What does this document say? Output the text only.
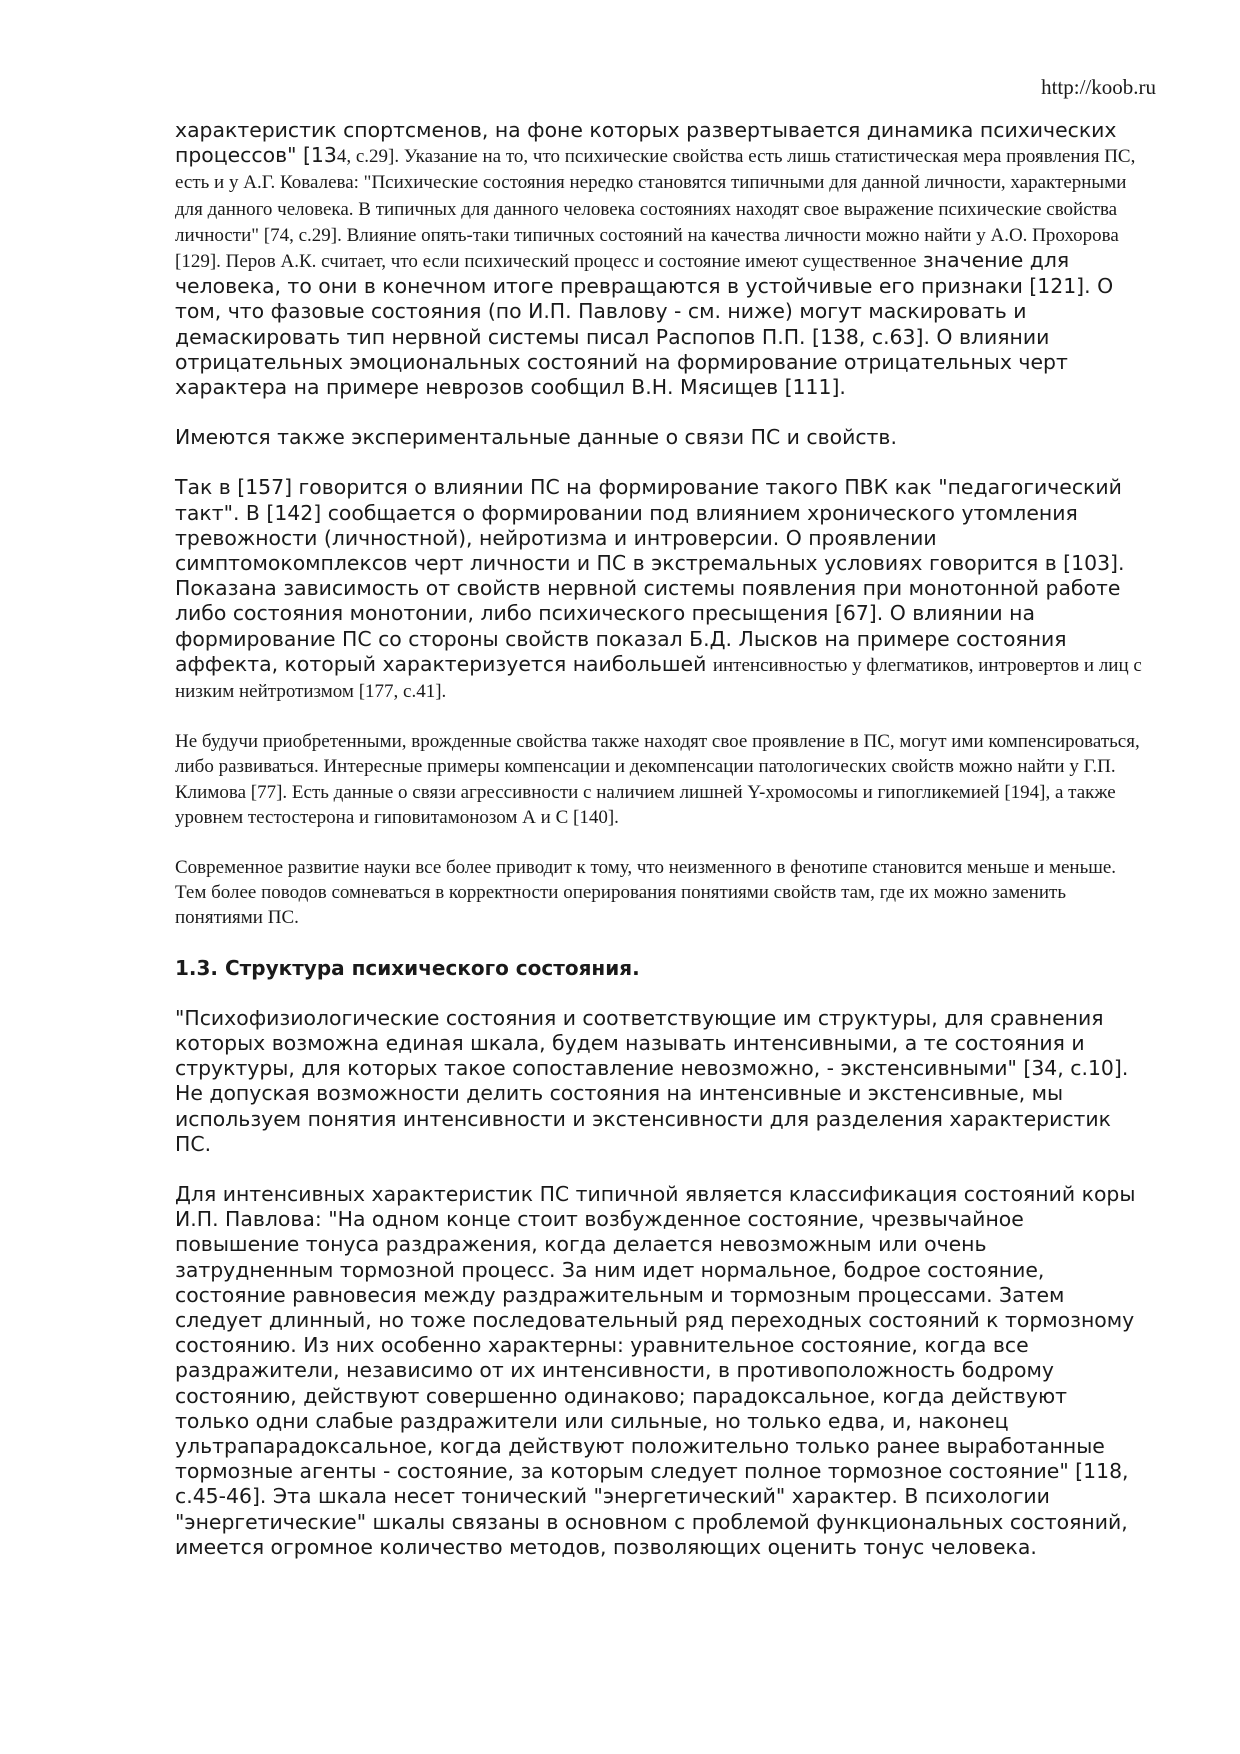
http://koob.ru

характеристик спортсменов, на фоне которых развертывается динамика психических процессов" [134, с.29]. Указание на то, что психические свойства есть лишь статистическая мера проявления ПС, есть и у А.Г. Ковалева: "Психические состояния нередко становятся типичными для данной личности, характерными для данного человека. В типичных для данного человека состояниях находят свое выражение психические свойства личности" [74, с.29]. Влияние опять-таки типичных состояний на качества личности можно найти у А.О. Прохорова [129]. Перов А.К. считает, что если психический процесс и состояние имеют существенное значение для человека, то они в конечном итоге превращаются в устойчивые его признаки [121]. О том, что фазовые состояния (по И.П. Павлову - см. ниже) могут маскировать и демаскировать тип нервной системы писал Распопов П.П. [138, с.63]. О влиянии отрицательных эмоциональных состояний на формирование отрицательных черт характера на примере неврозов сообщил В.Н. Мясищев [111].

Имеются также экспериментальные данные о связи ПС и свойств.

Так в [157] говорится о влиянии ПС на формирование такого ПВК как "педагогический такт". В [142] сообщается о формировании под влиянием хронического утомления тревожности (личностной), нейротизма и интроверсии. О проявлении симптомокомплексов черт личности и ПС в экстремальных условиях говорится в [103]. Показана зависимость от свойств нервной системы появления при монотонной работе либо состояния монотонии, либо психического пресыщения [67]. О влиянии на формирование ПС со стороны свойств показал Б.Д. Лысков на примере состояния аффекта, который характеризуется наибольшей интенсивностью у флегматиков, интровертов и лиц с низким нейтротизмом [177, с.41].

Не будучи приобретенными, врожденные свойства также находят свое проявление в ПС, могут ими компенсироваться, либо развиваться. Интересные примеры компенсации и декомпенсации патологических свойств можно найти у Г.П. Климова [77]. Есть данные о связи агрессивности с наличием лишней Y-хромосомы и гипогликемией [194], а также уровнем тестостерона и гиповитамонозом А и С [140].

Современное развитие науки все более приводит к тому, что неизменного в фенотипе становится меньше и меньше. Тем более поводов сомневаться в корректности оперирования понятиями свойств там, где их можно заменить понятиями ПС.

1.3. Структура психического состояния.

"Психофизиологические состояния и соответствующие им структуры, для сравнения которых возможна единая шкала, будем называть интенсивными, а те состояния и структуры, для которых такое сопоставление невозможно, - экстенсивными" [34, с.10]. Не допуская возможности делить состояния на интенсивные и экстенсивные, мы используем понятия интенсивности и экстенсивности для разделения характеристик ПС.

Для интенсивных характеристик ПС типичной является классификация состояний коры И.П. Павлова: "На одном конце стоит возбужденное состояние, чрезвычайное повышение тонуса раздражения, когда делается невозможным или очень затрудненным тормозной процесс. За ним идет нормальное, бодрое состояние, состояние равновесия между раздражительным и тормозным процессами. Затем следует длинный, но тоже последовательный ряд переходных состояний к тормозному состоянию. Из них особенно характерны: уравнительное состояние, когда все раздражители, независимо от их интенсивности, в противоположность бодрому состоянию, действуют совершенно одинаково; парадоксальное, когда действуют только одни слабые раздражители или сильные, но только едва, и, наконец ультрапарадоксальное, когда действуют положительно только ранее выработанные тормозные агенты - состояние, за которым следует полное тормозное состояние" [118, с.45-46]. Эта шкала несет тонический "энергетический" характер. В психологии "энергетические" шкалы связаны в основном с проблемой функциональных состояний, имеется огромное количество методов, позволяющих оценить тонус человека.
